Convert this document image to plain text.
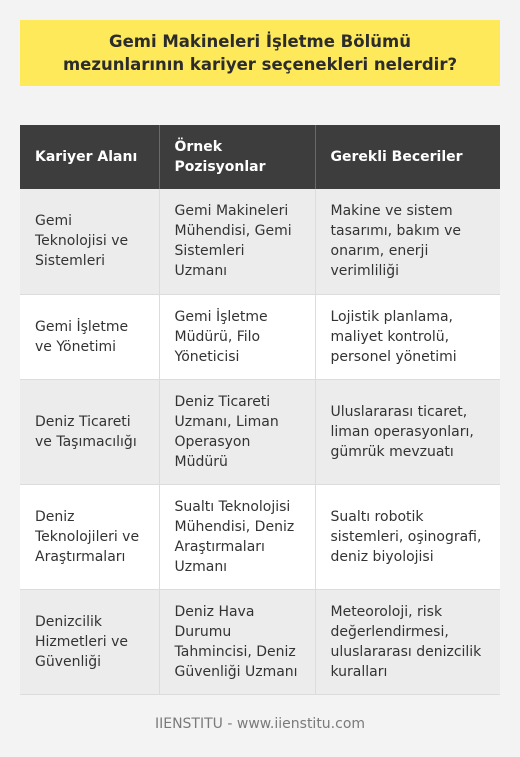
Gemi Makineleri İşletme Bölümü mezunlarının kariyer seçenekleri nelerdir?
Kariyer Alanı	Örnek Pozisyonlar	Gerekli Beceriler
Gemi Teknolojisi ve Sistemleri	Gemi Makineleri Mühendisi, Gemi Sistemleri Uzmanı	Makine ve sistem tasarımı, bakım ve onarım, enerji verimliliği
Gemi İşletme ve Yönetimi	Gemi İşletme Müdürü, Filo Yöneticisi	Lojistik planlama, maliyet kontrolü, personel yönetimi
Deniz Ticareti ve Taşımacılığı	Deniz Ticareti Uzmanı, Liman Operasyon Müdürü	Uluslararası ticaret, liman operasyonları, gümrük mevzuatı
Deniz Teknolojileri ve Araştırmaları	Sualtı Teknolojisi Mühendisi, Deniz Araştırmaları Uzmanı	Sualtı robotik sistemleri, oşinografi, deniz biyolojisi
Denizcilik Hizmetleri ve Güvenliği	Deniz Hava Durumu Tahmincisi, Deniz Güvenliği Uzmanı	Meteoroloji, risk değerlendirmesi, uluslararası denizcilik kuralları
IIENSTITU - www.iienstitu.com
